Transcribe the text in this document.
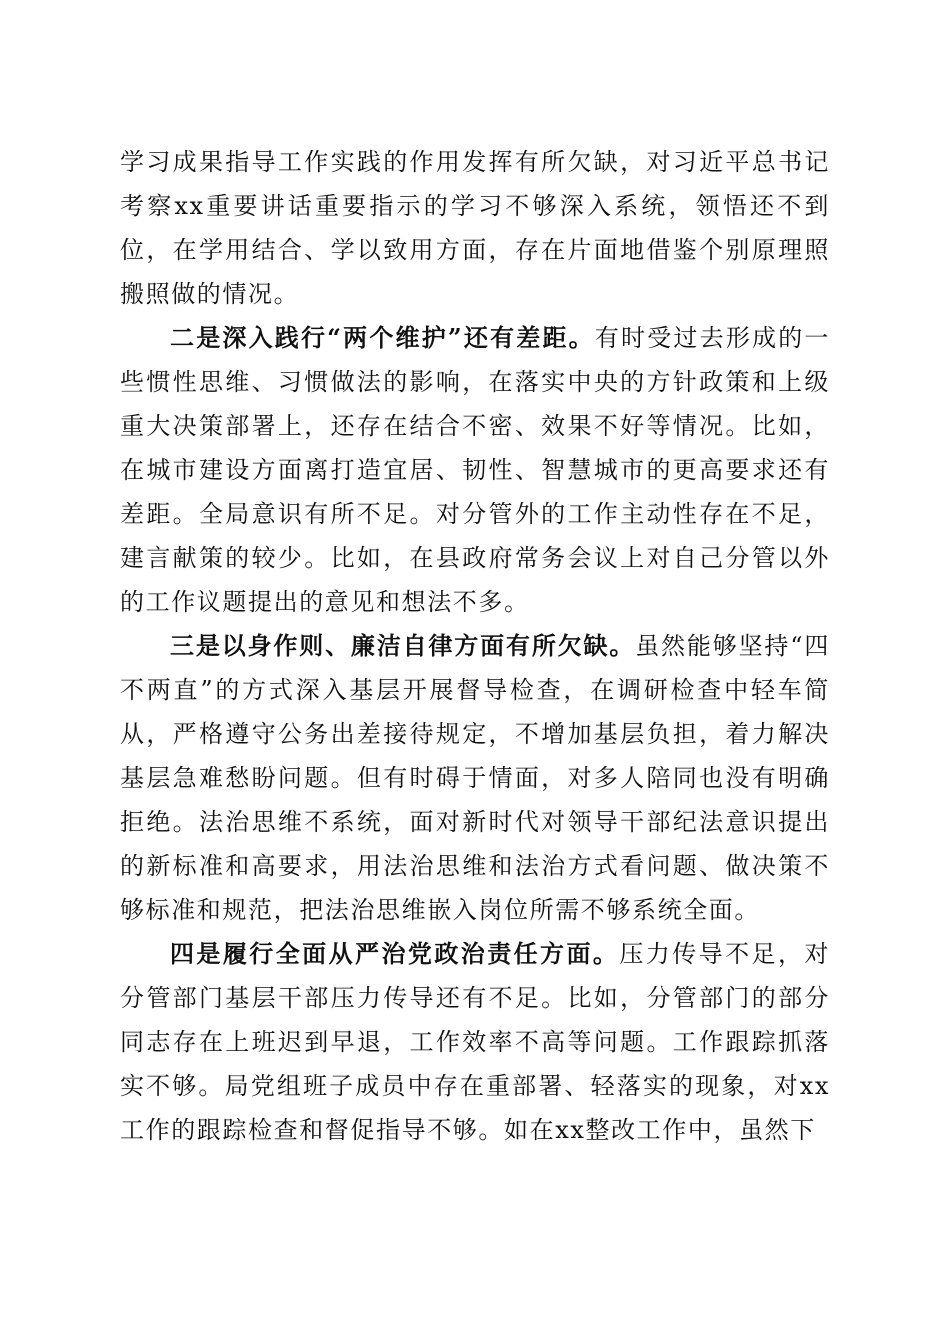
学习成果指导工作实践的作用发挥有所欠缺，对习近平总书记考察xx重要讲话重要指示的学习不够深入系统，领悟还不到位，在学用结合、学以致用方面，存在片面地借鉴个别原理照搬照做的情况。

二是深入践行“两个维护”还有差距。有时受过去形成的一些惯性思维、习惯做法的影响，在落实中央的方针政策和上级重大决策部署上，还存在结合不密、效果不好等情况。比如，在城市建设方面离打造宜居、韧性、智慧城市的更高要求还有差距。全局意识有所不足。对分管外的工作主动性存在不足，建言献策的较少。比如，在县政府常务会议上对自己分管以外的工作议题提出的意见和想法不多。

三是以身作则、廉洁自律方面有所欠缺。虽然能够坚持“四不两直”的方式深入基层开展督导检查，在调研检查中轻车简从，严格遵守公务出差接待规定，不增加基层负担，着力解决基层急难愁盼问题。但有时碍于情面，对多人陪同也没有明确拒绝。法治思维不系统，面对新时代对领导干部纪法意识提出的新标准和高要求，用法治思维和法治方式看问题、做决策不够标准和规范，把法治思维嵌入岗位所需不够系统全面。

四是履行全面从严治党政治责任方面。压力传导不足，对分管部门基层干部压力传导还有不足。比如，分管部门的部分同志存在上班迟到早退，工作效率不高等问题。工作跟踪抓落实不够。局党组班子成员中存在重部署、轻落实的现象，对xx工作的跟踪检查和督促指导不够。如在xx整改工作中，虽然下
